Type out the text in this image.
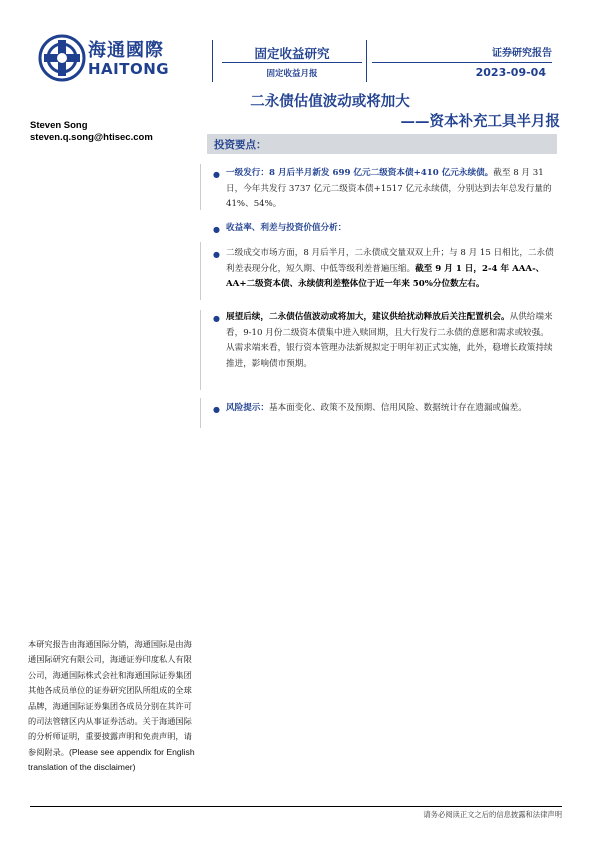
海通國際
HAITONG
固定收益研究
固定收益月报
证券研究报告
2023-09-04
二永债估值波动或将加大
——资本补充工具半月报
Steven Song
steven.q.song@htisec.com
投资要点：
● 一级发行：8 月后半月新发 699 亿元二级资本债+410 亿元永续债。截至 8 月 31 日，今年共发行 3737 亿元二级资本债+1517 亿元永续债，分别达到去年总发行量的 41%、54%。
● 收益率、利差与投资价值分析：
● 二级成交市场方面，8 月后半月，二永债成交量双双上升；与 8 月 15 日相比，二永债利差表现分化，短久期、中低等级利差普遍压缩。截至 9 月 1 日，2-4 年 AAA-、AA+二级资本债、永续债利差整体位于近一年来 50%分位数左右。
● 展望后续，二永债估值波动或将加大，建议供给扰动释放后关注配置机会。从供给端来看，9-10 月份二级资本债集中进入赎回期，且大行发行二永债的意愿和需求或较强。从需求端来看，银行资本管理办法新规拟定于明年初正式实施，此外，稳增长政策持续推进，影响债市预期。
● 风险提示：基本面变化、政策不及预期、信用风险、数据统计存在遗漏或偏差。
本研究报告由海通国际分销，海通国际是由海通国际研究有限公司，海通证券印度私人有限公司，海通国际株式会社和海通国际证券集团其他各成员单位的证券研究团队所组成的全球品牌，海通国际证券集团各成员分别在其许可的司法管辖区内从事证券活动。关于海通国际的分析师证明，重要披露声明和免责声明，请参阅附录。(Please see appendix for English translation of the disclaimer)
请务必阅读正文之后的信息披露和法律声明
